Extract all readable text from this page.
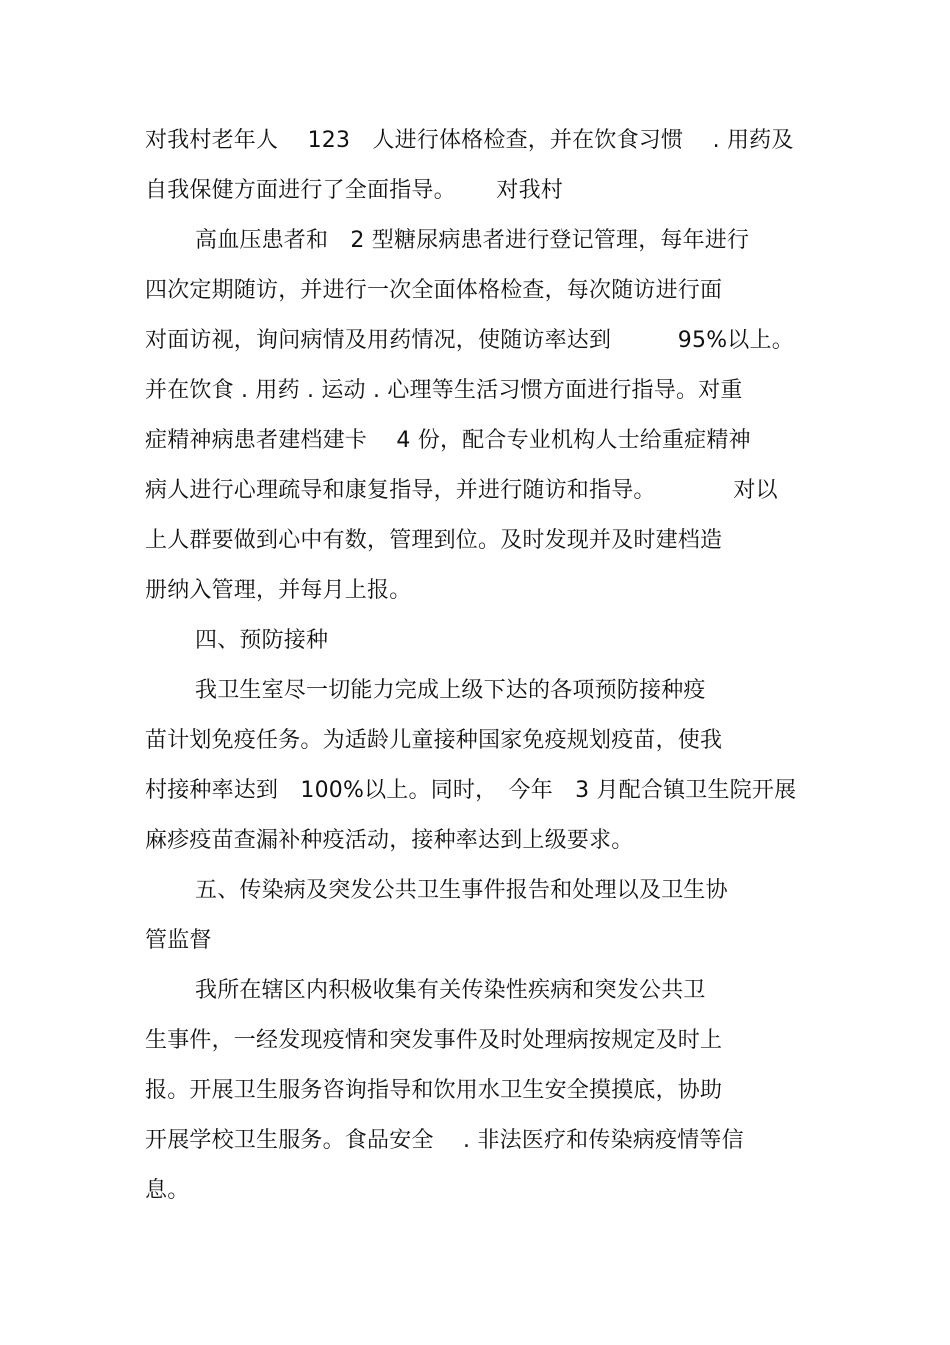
对我村老年人　 123　人进行体格检查，并在饮食习惯　 . 用药及
自我保健方面进行了全面指导。　　 对我村
高血压患者和　2 型糖尿病患者进行登记管理，每年进行
四次定期随访，并进行一次全面体格检查，每次随访进行面
对面访视，询问病情及用药情况，使随访率达到　　　95%以上。
并在饮食 . 用药 . 运动 . 心理等生活习惯方面进行指导。对重
症精神病患者建档建卡　 4 份，配合专业机构人士给重症精神
病人进行心理疏导和康复指导，并进行随访和指导。　　　　对以
上人群要做到心中有数，管理到位。及时发现并及时建档造
册纳入管理，并每月上报。
四、预防接种
我卫生室尽一切能力完成上级下达的各项预防接种疫
苗计划免疫任务。为适龄儿童接种国家免疫规划疫苗，使我
村接种率达到　100%以上。同时，　今年　3 月配合镇卫生院开展
麻疹疫苗查漏补种疫活动，接种率达到上级要求。
五、传染病及突发公共卫生事件报告和处理以及卫生协
管监督
我所在辖区内积极收集有关传染性疾病和突发公共卫
生事件，一经发现疫情和突发事件及时处理病按规定及时上
报。开展卫生服务咨询指导和饮用水卫生安全摸摸底，协助
开展学校卫生服务。食品安全　 . 非法医疗和传染病疫情等信
息。
